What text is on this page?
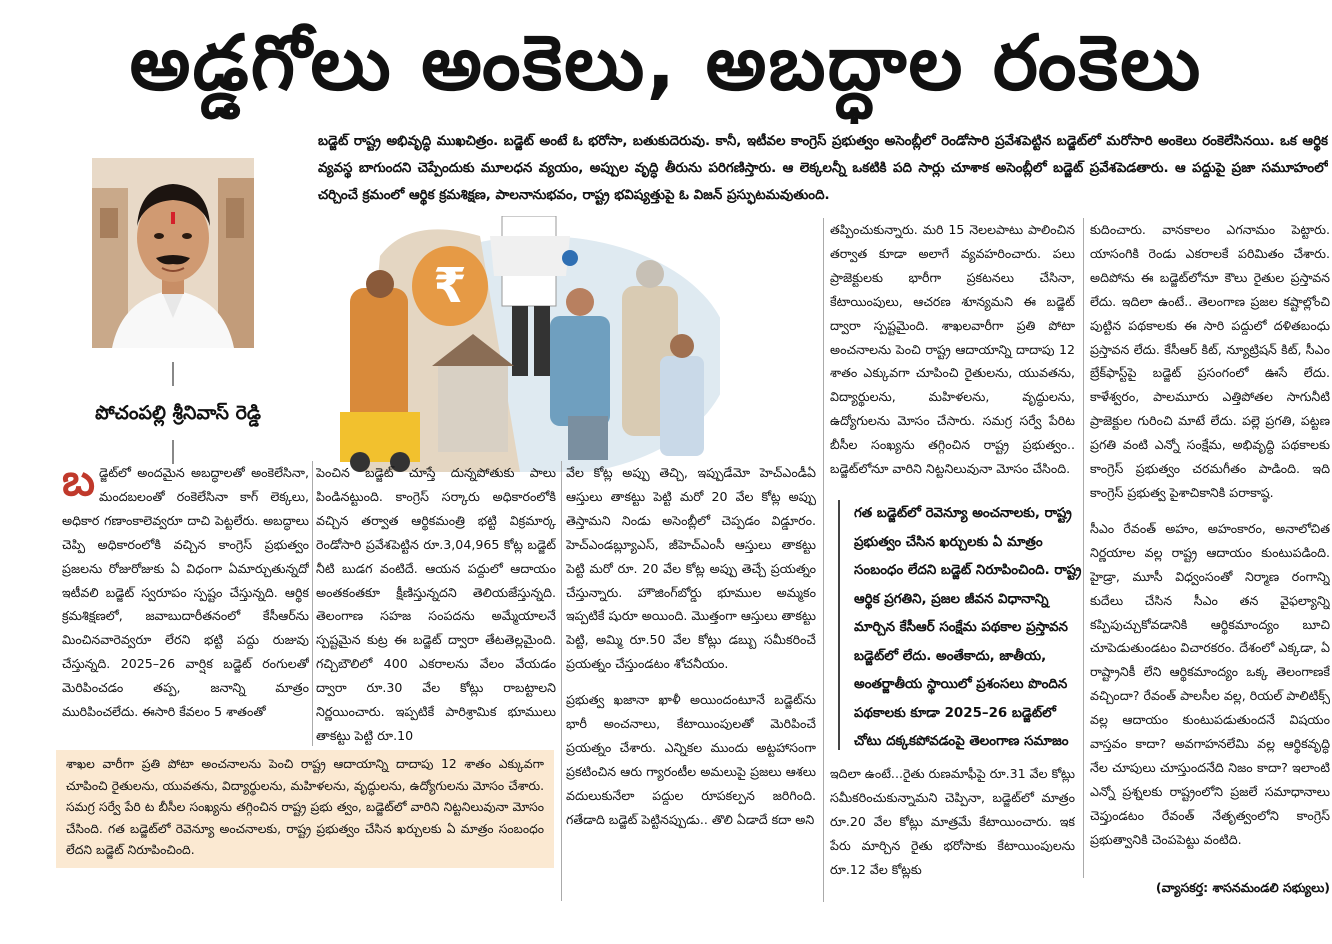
అడ్డగోలు అంకెలు, అబద్ధాల రంకెలు
బడ్జెట్ రాష్ట్ర అభివృద్ధి ముఖచిత్రం. బడ్జెట్ అంటే ఓ భరోసా, బతుకుదెరువు. కానీ, ఇటీవల కాంగ్రెస్ ప్రభుత్వం అసెంబ్లీలో రెండోసారి ప్రవేశపెట్టిన బడ్జెట్‌లో మరోసారి అంకెలు రంకెలేసినయి. ఒక ఆర్థిక వ్యవస్థ బాగుందని చెప్పేందుకు మూలధన వ్యయం, అప్పుల వృద్ధి తీరును పరిగణిస్తారు. ఆ లెక్కలన్నీ ఒకటికి పది సార్లు చూశాక అసెంబ్లీలో బడ్జెట్ ప్రవేశపెడతారు. ఆ పద్దుపై ప్రజా సమూహంలో చర్చించే క్రమంలో ఆర్థిక క్రమశిక్షణ, పాలనానుభవం, రాష్ట్ర భవిష్యత్తుపై ఓ విజన్ ప్రస్ఫుటమవుతుంది.
పోచంపల్లి శ్రీనివాస్ రెడ్డి
₹
బడ్జెట్‌లో అందమైన అబద్ధాలతో అంకెలేసినా, మందబలంతో రంకెలేసినా కాగ్ లెక్కలు, అధికార గణాంకాలెవ్వరూ దాచి పెట్టలేరు. అబద్ధాలు చెప్పి అధికారంలోకి వచ్చిన కాంగ్రెస్ ప్రభుత్వం ప్రజలను రోజురోజుకు ఏ విధంగా ఏమార్చుతున్నదో ఇటీవలి బడ్జెట్ స్వరూపం స్పష్టం చేస్తున్నది. ఆర్థిక క్రమశిక్షణలో, జవాబుదారీతనంలో కేసీఆర్‌ను మించినవారెవ్వరూ లేరని భట్టి పద్దు రుజువు చేస్తున్నది. 2025–26 వార్షిక బడ్జెట్ రంగులతో మెరిపించడం తప్ప, జనాన్ని మాత్రం మురిపించలేదు. ఈసారి కేవలం 5 శాతంతో

పెంచిన బడ్జెట్ చూస్తే దున్నపోతుకు పాలు పిండినట్టుంది. కాంగ్రెస్ సర్కారు అధికారంలోకి వచ్చిన తర్వాత ఆర్థికమంత్రి భట్టి విక్రమార్క రెండోసారి ప్రవేశపెట్టిన రూ.3,04,965 కోట్ల బడ్జెట్ నీటి బుడగ వంటిదే. ఆయన పద్దులో ఆదాయం అంతకంతకూ క్షీణిస్తున్నదని తెలియజేస్తున్నది. తెలంగాణ సహజ సంపదను అమ్మేయాలనే స్పష్టమైన కుట్ర ఈ బడ్జెట్ ద్వారా తేటతెల్లమైంది. గచ్చిబౌలిలో 400 ఎకరాలను వేలం వేయడం ద్వారా రూ.30 వేల కోట్లు రాబట్టాలని నిర్ణయించారు. ఇప్పటికే పారిశ్రామిక భూములు తాకట్టు పెట్టి రూ.10

వేల కోట్ల అప్పు తెచ్చి, ఇప్పుడేమో హెచ్ఎండీఏ ఆస్తులు తాకట్టు పెట్టి మరో 20 వేల కోట్ల అప్పు తెస్తామని నిండు అసెంబ్లీలో చెప్పడం విడ్డూరం. హెచ్ఎండబ్ల్యూఎస్, జీహెచ్ఎంసీ ఆస్తులు తాకట్టు పెట్టి మరో రూ. 20 వేల కోట్ల అప్పు తెచ్చే ప్రయత్నం చేస్తున్నారు. హౌజింగ్‌బోర్డు భూముల అమ్మకం ఇప్పటికే షురూ అయింది. మొత్తంగా ఆస్తులు తాకట్టు పెట్టి, అమ్మి రూ.50 వేల కోట్లు డబ్బు సమీకరించే ప్రయత్నం చేస్తుండటం శోచనీయం.

ప్రభుత్వ ఖజానా ఖాళీ అయిందంటూనే బడ్జెట్‌ను భారీ అంచనాలు, కేటాయింపులతో మెరిపించే ప్రయత్నం చేశారు. ఎన్నికల ముందు అట్టహాసంగా ప్రకటించిన ఆరు గ్యారంటీల అమలుపై ప్రజలు ఆశలు వదులుకునేలా పద్దుల రూపకల్పన జరిగింది. గతేడాది బడ్జెట్ పెట్టినప్పుడు.. తొలి ఏడాదే కదా అని

తప్పించుకున్నారు. మరి 15 నెలలపాటు పాలించిన తర్వాత కూడా అలాగే వ్యవహరించారు. పలు ప్రాజెక్టులకు భారీగా ప్రకటనలు చేసినా, కేటాయింపులు, ఆచరణ శూన్యమని ఈ బడ్జెట్ ద్వారా స్పష్టమైంది. శాఖలవారీగా ప్రతి పోటా అంచనాలను పెంచి రాష్ట్ర ఆదాయాన్ని దాదాపు 12 శాతం ఎక్కువగా చూపించి రైతులను, యువతను, విద్యార్థులను, మహిళలను, వృద్ధులను, ఉద్యోగులను మోసం చేసారు. సమగ్ర సర్వే పేరిట బీసీల సంఖ్యను తగ్గించిన రాష్ట్ర ప్రభుత్వం.. బడ్జెట్‌లోనూ వారిని నిట్టనిలువునా మోసం చేసింది.

గత బడ్జెట్‌లో రెవెన్యూ అంచనాలకు, రాష్ట్ర ప్రభుత్వం చేసిన ఖర్చులకు ఏ మాత్రం సంబంధం లేదని బడ్జెట్ నిరూపించింది. రాష్ట్ర ఆర్థిక ప్రగతిని, ప్రజల జీవన విధానాన్ని మార్చిన కేసీఆర్ సంక్షేమ పథకాల ప్రస్తావన బడ్జెట్‌లో లేదు. అంతేకాదు, జాతీయ, అంతర్జాతీయ స్థాయిలో ప్రశంసలు పొందిన పథకాలకు కూడా 2025–26 బడ్జెట్‌లో చోటు దక్కకపోవడంపై తెలంగాణ సమాజం

ఇదిలా ఉంటే...రైతు రుణమాఫీపై రూ.31 వేల కోట్లు సమీకరించుకున్నామని చెప్పినా, బడ్జెట్‌లో మాత్రం రూ.20 వేల కోట్లు మాత్రమే కేటాయించారు. ఇక పేరు మార్చిన రైతు భరోసాకు కేటాయింపులను రూ.12 వేల కోట్లకు

కుదించారు. వానకాలం ఎగనామం పెట్టారు. యాసంగికి రెండు ఎకరాలకే పరిమితం చేశారు. అదిపోను ఈ బడ్జెట్‌లోనూ కౌలు రైతుల ప్రస్తావన లేదు. ఇదిలా ఉంటే.. తెలంగాణ ప్రజల కష్టాల్లోంచి పుట్టిన పథకాలకు ఈ సారి పద్దులో దళితబంధు ప్రస్తావన లేదు. కేసీఆర్ కిట్, న్యూట్రిషన్ కిట్, సీఎం బ్రేక్‌ఫాస్ట్‌పై బడ్జెట్ ప్రసంగంలో ఊసే లేదు. కాళేశ్వరం, పాలమూరు ఎత్తిపోతల సాగునీటి ప్రాజెక్టుల గురించి మాటే లేదు. పల్లె ప్రగతి, పట్టణ ప్రగతి వంటి ఎన్నో సంక్షేమ, అభివృద్ధి పథకాలకు కాంగ్రెస్ ప్రభుత్వం చరమగీతం పాడింది. ఇది కాంగ్రెస్ ప్రభుత్వ పైశాచికానికి పరాకాష్ఠ.

సీఎం రేవంత్ అహం, అహంకారం, అనాలోచిత నిర్ణయాల వల్ల రాష్ట్ర ఆదాయం కుంటుపడింది. హైడ్రా, మూసీ విధ్వంసంతో నిర్మాణ రంగాన్ని కుదేలు చేసిన సీఎం తన వైఫల్యాన్ని కప్పిపుచ్చుకోవడానికి ఆర్థికమాంద్యం బూచి చూపెడుతుండటం విచారకరం. దేశంలో ఎక్కడా, ఏ రాష్ట్రానికీ లేని ఆర్థికమాంద్యం ఒక్క తెలంగాణకే వచ్చిందా? రేవంత్ పాలసీల వల్ల, రియల్ పాలిటిక్స్ వల్ల ఆదాయం కుంటుపడుతుందనే విషయం వాస్తవం కాదా? అవగాహనలేమి వల్ల ఆర్థికవృద్ధి నేల చూపులు చూస్తుందనేది నిజం కాదా? ఇలాంటి ఎన్నో ప్రశ్నలకు రాష్ట్రంలోని ప్రజలే సమాధానాలు చెప్తుండటం రేవంత్ నేతృత్వంలోని కాంగ్రెస్ ప్రభుత్వానికి చెంపపెట్టు వంటిది.

శాఖల వారీగా ప్రతి పోటా అంచనాలను పెంచి రాష్ట్ర ఆదాయాన్ని దాదాపు 12 శాతం ఎక్కువగా చూపించి రైతులను, యువతను, విద్యార్థులను, మహిళలను, వృద్ధులను, ఉద్యోగులను మోసం చేశారు. సమగ్ర సర్వే పేరి ట బీసీల సంఖ్యను తగ్గించిన రాష్ట్ర ప్రభు త్వం, బడ్జెట్‌లో వారిని నిట్టనిలువునా మోసం చేసింది. గత బడ్జెట్‌లో రెవెన్యూ అంచనాలకు, రాష్ట్ర ప్రభుత్వం చేసిన ఖర్చులకు ఏ మాత్రం సంబంధం లేదని బడ్జెట్ నిరూపించింది.
(వ్యాసకర్త: శాసనమండలి సభ్యులు)
